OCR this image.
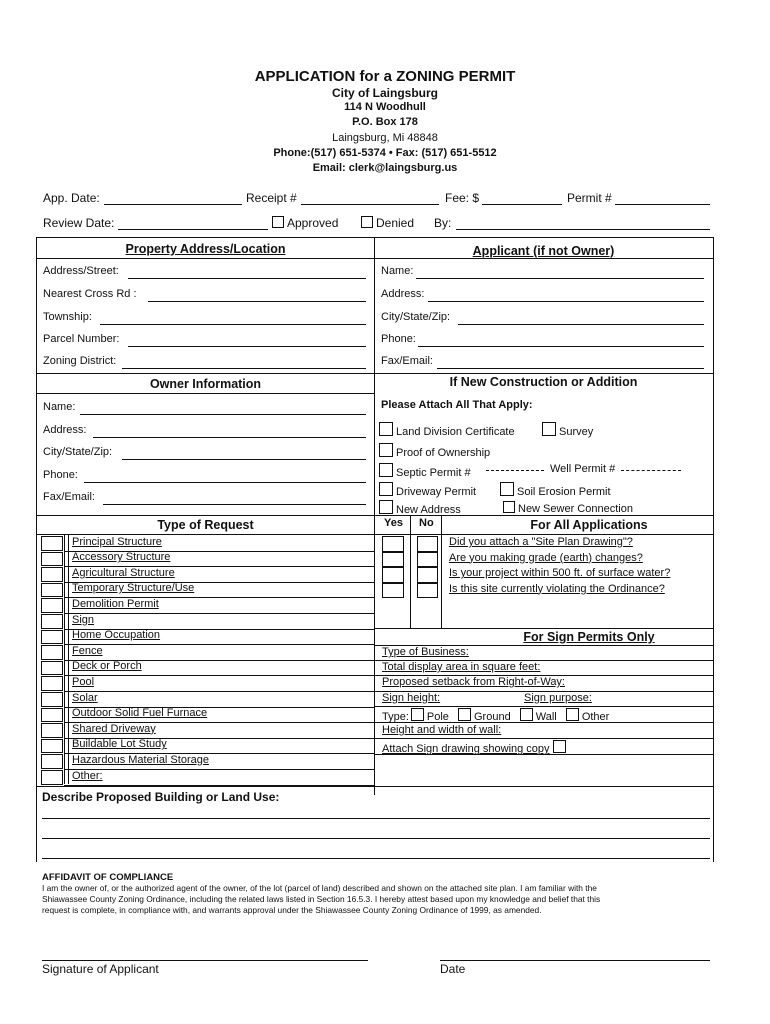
APPLICATION for a ZONING PERMIT
City of Laingsburg
114 N Woodhull
P.O. Box 178
Laingsburg, Mi 48848
Phone:(517) 651-5374 • Fax: (517) 651-5512
Email: clerk@laingsburg.us
App. Date:	Receipt #	Fee: $	Permit #
Review Date:	Approved	Denied By:
Property Address/Location	Applicant (if not Owner)
Address/Street:
Nearest Cross Rd :
Township:
Parcel Number:
Zoning District:
Name:
Address:
City/State/Zip:
Phone:
Fax/Email:
Owner Information	If New Construction or Addition
Name:
Address:
City/State/Zip:
Phone:
Fax/Email:
Please Attach All That Apply:
Land Division Certificate	Survey
Proof of Ownership
Septic Permit #	Well Permit #
Driveway Permit	Soil Erosion Permit
New Address	New Sewer Connection
Type of Request
Principal Structure
Accessory Structure
Agricultural Structure
Temporary Structure/Use
Demolition Permit
Sign
Home Occupation
Fence
Deck or Porch
Pool
Solar
Outdoor Solid Fuel Furnace
Shared Driveway
Buildable Lot Study
Hazardous Material Storage
Other:
Yes No	For All Applications
Did you attach a "Site Plan Drawing"?
Are you making grade (earth) changes?
Is your project within 500 ft. of surface water?
Is this site currently violating the Ordinance?
For Sign Permits Only
Type of Business:
Total display area in square feet:
Proposed setback from Right-of-Way:
Sign height:	Sign purpose:
Type: Pole Ground Wall Other
Height and width of wall:
Attach Sign drawing showing copy
Describe Proposed Building or Land Use:
AFFIDAVIT OF COMPLIANCE
I am the owner of, or the authorized agent of the owner, of the lot (parcel of land) described and shown on the attached site plan. I am familiar with the
Shiawassee County Zoning Ordinance, including the related laws listed in Section 16.5.3. I hereby attest based upon my knowledge and belief that this
request is complete, in compliance with, and warrants approval under the Shiawassee County Zoning Ordinance of 1999, as amended.
Signature of Applicant	Date
